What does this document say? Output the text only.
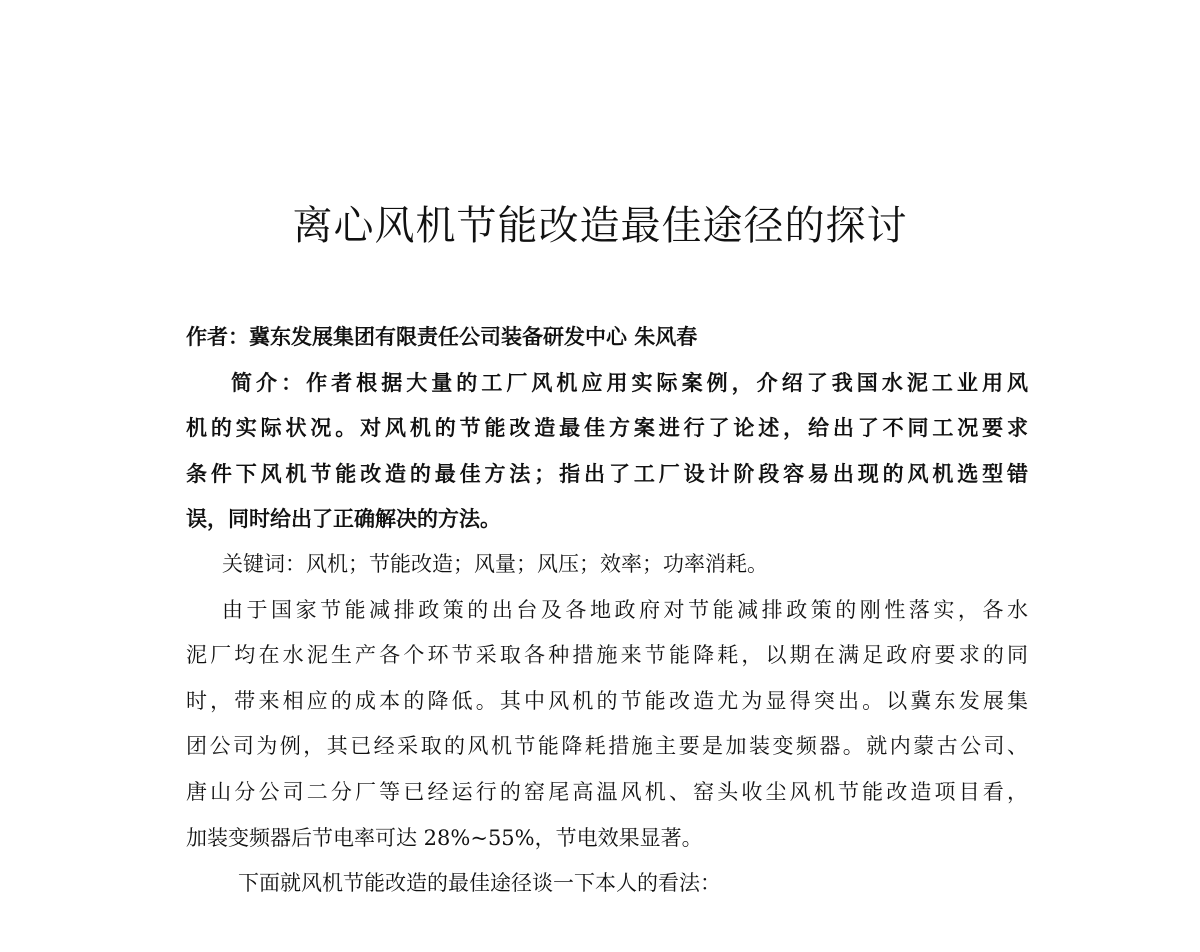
离心风机节能改造最佳途径的探讨

作者：冀东发展集团有限责任公司装备研发中心 朱风春

简介：作者根据大量的工厂风机应用实际案例，介绍了我国水泥工业用风

机的实际状况。对风机的节能改造最佳方案进行了论述，给出了不同工况要求

条件下风机节能改造的最佳方法；指出了工厂设计阶段容易出现的风机选型错

误，同时给出了正确解决的方法。

关键词：风机；节能改造；风量；风压；效率；功率消耗。

由于国家节能减排政策的出台及各地政府对节能减排政策的刚性落实，各水

泥厂均在水泥生产各个环节采取各种措施来节能降耗，以期在满足政府要求的同

时，带来相应的成本的降低。其中风机的节能改造尤为显得突出。以冀东发展集

团公司为例，其已经采取的风机节能降耗措施主要是加装变频器。就内蒙古公司、

唐山分公司二分厂等已经运行的窑尾高温风机、窑头收尘风机节能改造项目看，

加装变频器后节电率可达 28%~55%，节电效果显著。

下面就风机节能改造的最佳途径谈一下本人的看法：
